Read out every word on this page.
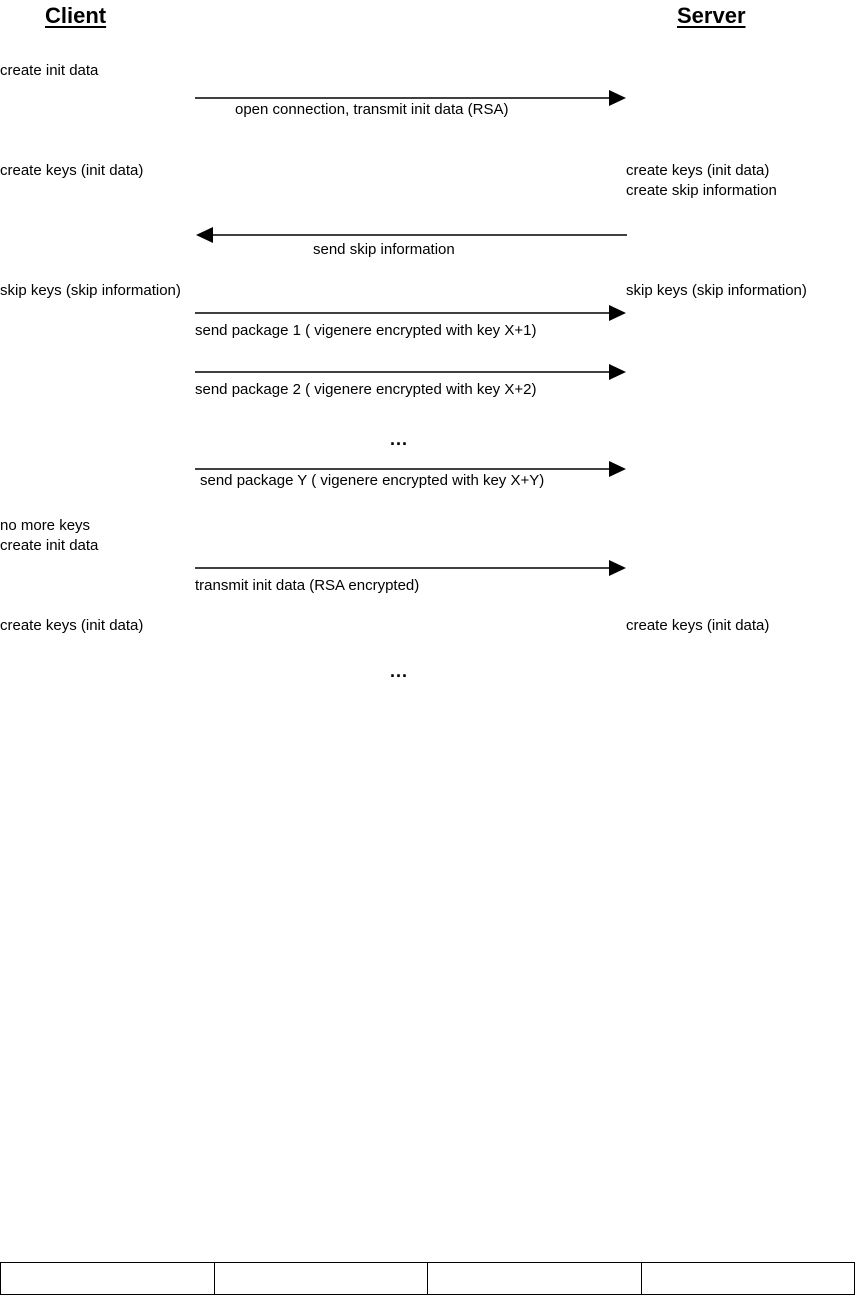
Client	Server
create init data
create keys (init data)
skip keys (skip information)
no more keys
create init data
create keys (init data)
create keys (init data)
create skip information
skip keys (skip information)
create keys (init data)
open connection, transmit init data (RSA)
send skip information
send package 1 ( vigenere encrypted with key X+1)
send package 2 ( vigenere encrypted with key X+2)
...
send package Y ( vigenere encrypted with key X+Y)
transmit init data (RSA encrypted)
...
